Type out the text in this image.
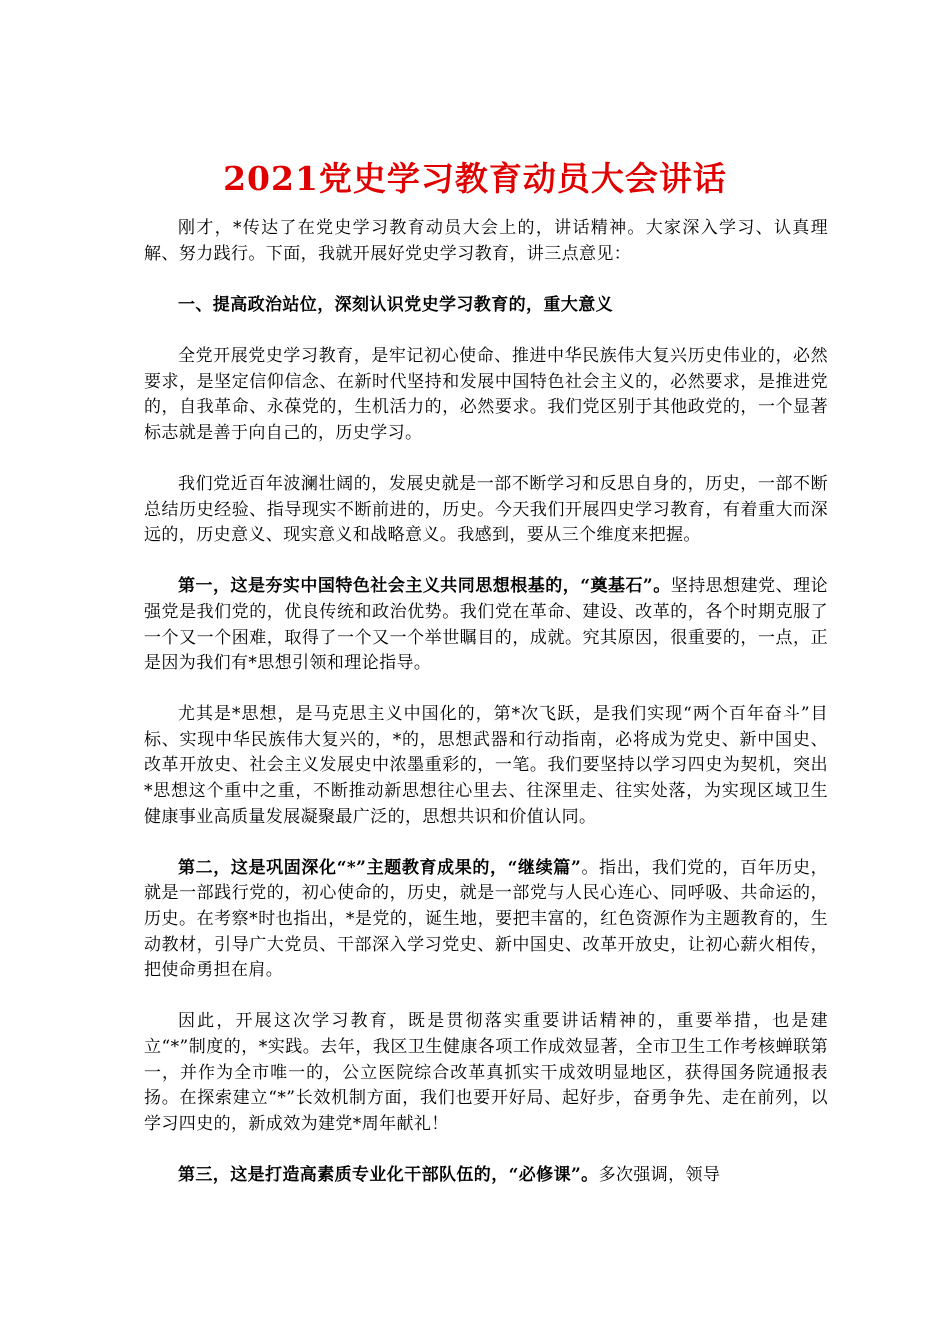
2021党史学习教育动员大会讲话

刚才，*传达了在党史学习教育动员大会上的，讲话精神。大家深入学习、认真理解、努力践行。下面，我就开展好党史学习教育，讲三点意见：

一、提高政治站位，深刻认识党史学习教育的，重大意义

全党开展党史学习教育，是牢记初心使命、推进中华民族伟大复兴历史伟业的，必然要求，是坚定信仰信念、在新时代坚持和发展中国特色社会主义的，必然要求，是推进党的，自我革命、永葆党的，生机活力的，必然要求。我们党区别于其他政党的，一个显著标志就是善于向自己的，历史学习。

我们党近百年波澜壮阔的，发展史就是一部不断学习和反思自身的，历史，一部不断总结历史经验、指导现实不断前进的，历史。今天我们开展四史学习教育，有着重大而深远的，历史意义、现实意义和战略意义。我感到，要从三个维度来把握。

第一，这是夯实中国特色社会主义共同思想根基的，“奠基石”。坚持思想建党、理论强党是我们党的，优良传统和政治优势。我们党在革命、建设、改革的，各个时期克服了一个又一个困难，取得了一个又一个举世瞩目的，成就。究其原因，很重要的，一点，正是因为我们有*思想引领和理论指导。

尤其是*思想，是马克思主义中国化的，第*次飞跃，是我们实现“两个百年奋斗”目标、实现中华民族伟大复兴的，*的，思想武器和行动指南，必将成为党史、新中国史、改革开放史、社会主义发展史中浓墨重彩的，一笔。我们要坚持以学习四史为契机，突出*思想这个重中之重，不断推动新思想往心里去、往深里走、往实处落，为实现区域卫生健康事业高质量发展凝聚最广泛的，思想共识和价值认同。

第二，这是巩固深化“*”主题教育成果的，“继续篇”。指出，我们党的，百年历史，就是一部践行党的，初心使命的，历史，就是一部党与人民心连心、同呼吸、共命运的，历史。在考察*时也指出，*是党的，诞生地，要把丰富的，红色资源作为主题教育的，生动教材，引导广大党员、干部深入学习党史、新中国史、改革开放史，让初心薪火相传，把使命勇担在肩。

因此，开展这次学习教育，既是贯彻落实重要讲话精神的，重要举措，也是建立“*”制度的，*实践。去年，我区卫生健康各项工作成效显著，全市卫生工作考核蝉联第一，并作为全市唯一的，公立医院综合改革真抓实干成效明显地区，获得国务院通报表扬。在探索建立“*”长效机制方面，我们也要开好局、起好步，奋勇争先、走在前列，以学习四史的，新成效为建党*周年献礼！

第三，这是打造高素质专业化干部队伍的，“必修课”。多次强调，领导
